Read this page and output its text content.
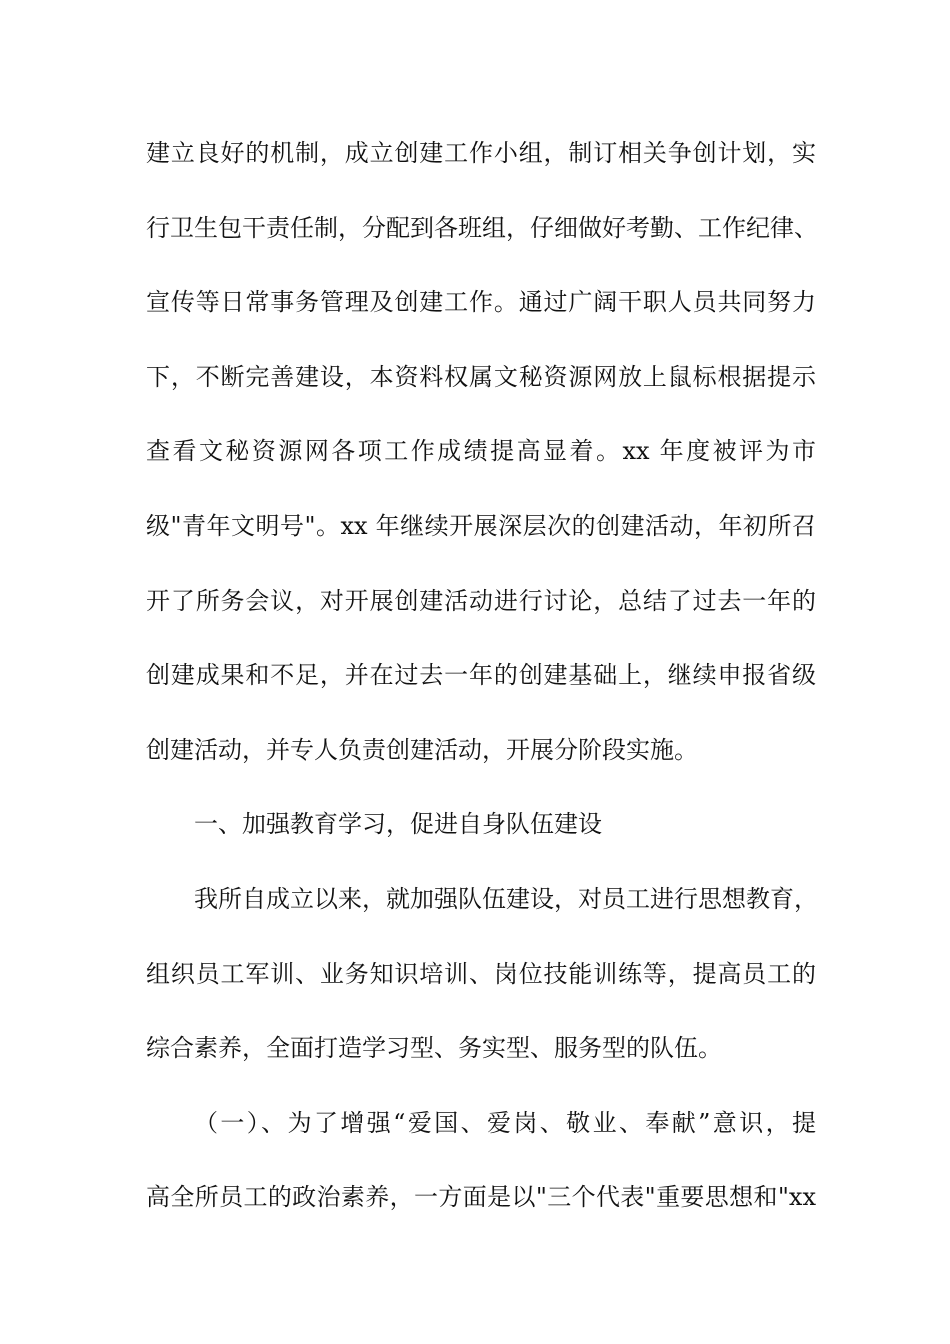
建立良好的机制，成立创建工作小组，制订相关争创计划，实
行卫生包干责任制，分配到各班组，仔细做好考勤、工作纪律、
宣传等日常事务管理及创建工作。通过广阔干职人员共同努力
下，不断完善建设，本资料权属文秘资源网放上鼠标根据提示
查看文秘资源网各项工作成绩提高显着。xx 年度被评为市
级"青年文明号"。xx 年继续开展深层次的创建活动，年初所召
开了所务会议，对开展创建活动进行讨论，总结了过去一年的
创建成果和不足，并在过去一年的创建基础上，继续申报省级
创建活动，并专人负责创建活动，开展分阶段实施。
一、加强教育学习，促进自身队伍建设
我所自成立以来，就加强队伍建设，对员工进行思想教育，
组织员工军训、业务知识培训、岗位技能训练等，提高员工的
综合素养，全面打造学习型、务实型、服务型的队伍。
（一）、为了增强“爱国、爱岗、敬业、奉献”意识，提
高全所员工的政治素养，一方面是以"三个代表"重要思想和"xx
